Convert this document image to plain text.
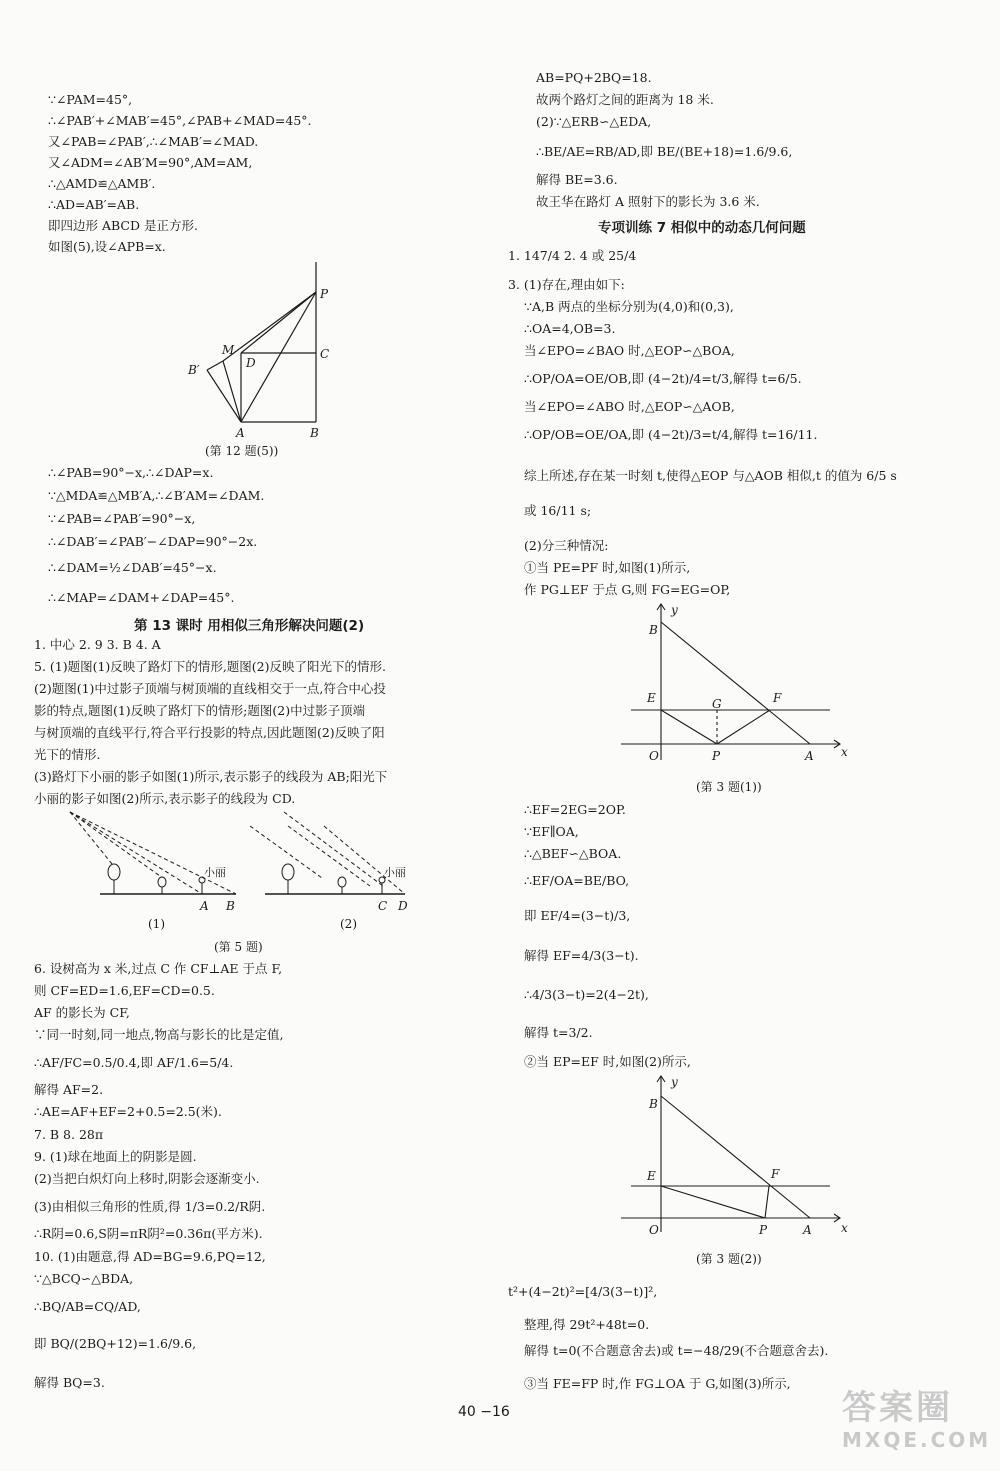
∵∠PAM=45°,
∴∠PAB′+∠MAB′=45°,∠PAB+∠MAD=45°.
又∠PAB=∠PAB′,∴∠MAB′=∠MAD.
又∠ADM=∠AB′M=90°,AM=AM,
∴△AMD≌△AMB′.
∴AD=AB′=AB.
即四边形 ABCD 是正方形.
如图(5),设∠APB=x.
P
M
D
C
B′
A	B
(第 12 题(5))
∴∠PAB=90°−x,∴∠DAP=x.
∵△MDA≌△MB′A,∴∠B′AM=∠DAM.
∵∠PAB=∠PAB′=90°−x,
∴∠DAB′=∠PAB′−∠DAP=90°−2x.
∴∠DAM=½∠DAB′=45°−x.
∴∠MAP=∠DAM+∠DAP=45°.
第 13 课时 用相似三角形解决问题(2)
1. 中心 2. 9 3. B 4. A
5. (1)题图(1)反映了路灯下的情形,题图(2)反映了阳光下的情形.
(2)题图(1)中过影子顶端与树顶端的直线相交于一点,符合中心投
影的特点,题图(1)反映了路灯下的情形;题图(2)中过影子顶端
与树顶端的直线平行,符合平行投影的特点,因此题图(2)反映了阳
光下的情形.
(3)路灯下小丽的影子如图(1)所示,表示影子的线段为 AB;阳光下
小丽的影子如图(2)所示,表示影子的线段为 CD.
小丽	小丽
A B	C D
(1)	(2)
(第 5 题)
6. 设树高为 x 米,过点 C 作 CF⊥AE 于点 F,
则 CF=ED=1.6,EF=CD=0.5.
AF 的影长为 CF,
∵同一时刻,同一地点,物高与影长的比是定值,
∴AF/FC=0.5/0.4,即 AF/1.6=5/4.
解得 AF=2.
∴AE=AF+EF=2+0.5=2.5(米).
7. B 8. 28π
9. (1)球在地面上的阴影是圆.
(2)当把白炽灯向上移时,阴影会逐渐变小.
(3)由相似三角形的性质,得 1/3=0.2/R阴.
∴R阴=0.6,S阴=πR阴²=0.36π(平方米).
10. (1)由题意,得 AD=BG=9.6,PQ=12,
∵△BCQ∽△BDA,
∴BQ/AB=CQ/AD,
即 BQ/(2BQ+12)=1.6/9.6,
解得 BQ=3.
AB=PQ+2BQ=18.
故两个路灯之间的距离为 18 米.
(2)∵△ERB∽△EDA,
∴BE/AE=RB/AD,即 BE/(BE+18)=1.6/9.6,
解得 BE=3.6.
故王华在路灯 A 照射下的影长为 3.6 米.
专项训练 7 相似中的动态几何问题
1. 147/4 2. 4 或 25/4
3. (1)存在,理由如下:
∵A,B 两点的坐标分别为(4,0)和(0,3),
∴OA=4,OB=3.
当∠EPO=∠BAO 时,△EOP∽△BOA,
∴OP/OA=OE/OB,即 (4−2t)/4=t/3,解得 t=6/5.
当∠EPO=∠ABO 时,△EOP∽△AOB,
∴OP/OB=OE/OA,即 (4−2t)/3=t/4,解得 t=16/11.
综上所述,存在某一时刻 t,使得△EOP 与△AOB 相似,t 的值为 6/5 s
或 16/11 s;
(2)分三种情况:
①当 PE=PF 时,如图(1)所示,
作 PG⊥EF 于点 G,则 FG=EG=OP,
y
B
E	G	F
O	P	A x
(第 3 题(1))
∴EF=2EG=2OP.
∵EF∥OA,
∴△BEF∽△BOA.
∴EF/OA=BE/BO,
即 EF/4=(3−t)/3,
解得 EF=4/3(3−t).
∴4/3(3−t)=2(4−2t),
解得 t=3/2.
②当 EP=EF 时,如图(2)所示,
y
B
E	F
O	P	A x
(第 3 题(2))
t²+(4−2t)²=[4/3(3−t)]²,
整理,得 29t²+48t=0.
解得 t=0(不合题意舍去)或 t=−48/29(不合题意舍去).
③当 FE=FP 时,作 FG⊥OA 于 G,如图(3)所示,
40 −16	答案圈
MXQE.COM
